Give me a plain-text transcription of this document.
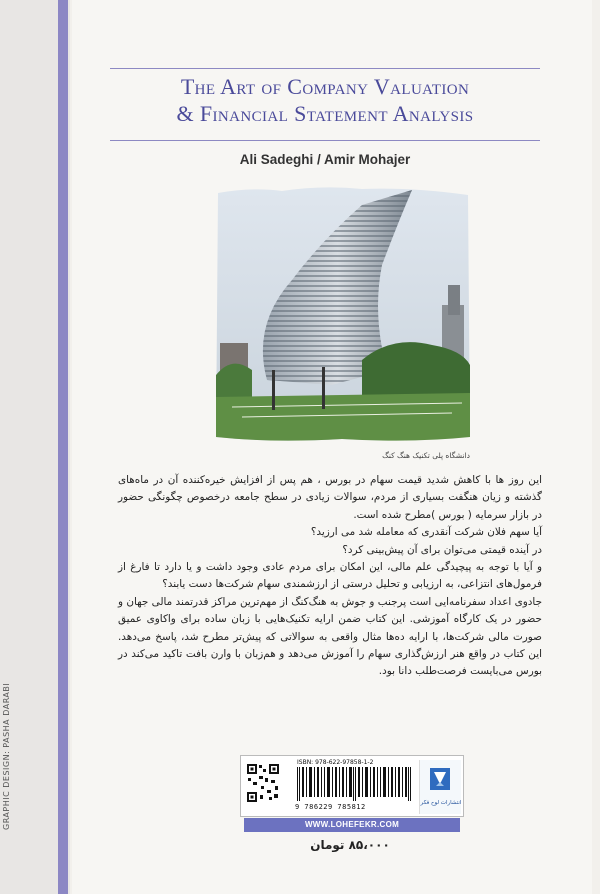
GRAPHIC DESIGN: PASHA DARABI
The Art of Company Valuation
& Financial Statement Analysis
Ali Sadeghi / Amir Mohajer
دانشگاه پلی تکنیک هنگ کنگ

این روز ها با کاهش شدید قیمت سهام در بورس ، هم پس از افزایش خیره‌کننده آن در ماه‌های گذشته و زیان هنگفت بسیاری از مردم، سوالات زیادی در سطح جامعه درخصوص چگونگی حضور در بازار سرمایه ( بورس )مطرح شده است.

آیا سهم فلان شرکت آنقدری که معامله شد می ارزید؟

در آینده قیمتی می‌توان برای آن پیش‌بینی کرد؟

و آیا با توجه به پیچیدگی علم مالی، این امکان برای مردم عادی وجود داشت و یا دارد تا فارغ از فرمول‌های انتزاعی، به ارزیابی و تحلیل درستی از ارزشمندی سهام شرکت‌ها دست یابند؟

جادوی اعداد سفرنامه‌ایی است پرجنب و جوش به هنگ‌کنگ از مهم‌ترین مراکز قدرتمند مالی جهان و حضور در یک کارگاه آموزشی. این کتاب ضمن ارایه تکنیک‌هایی با زبان ساده برای واکاوی عمیق صورت مالی شرکت‌ها، با ارایه ده‌ها مثال واقعی به سوالاتی که پیش‌تر مطرح شد، پاسخ می‌دهد. این کتاب در واقع هنر ارزش‌گذاری سهام را آموزش می‌دهد و هم‌زبان با وارن بافت تاکید می‌کند در بورس می‌بایست فرصت‌طلب دانا بود.

ISBN: 978-622-97858-1-2
9 786229 785812	انتشارات لوح فکر
WWW.LOHEFEKR.COM
۸۵،۰۰۰ تومان
